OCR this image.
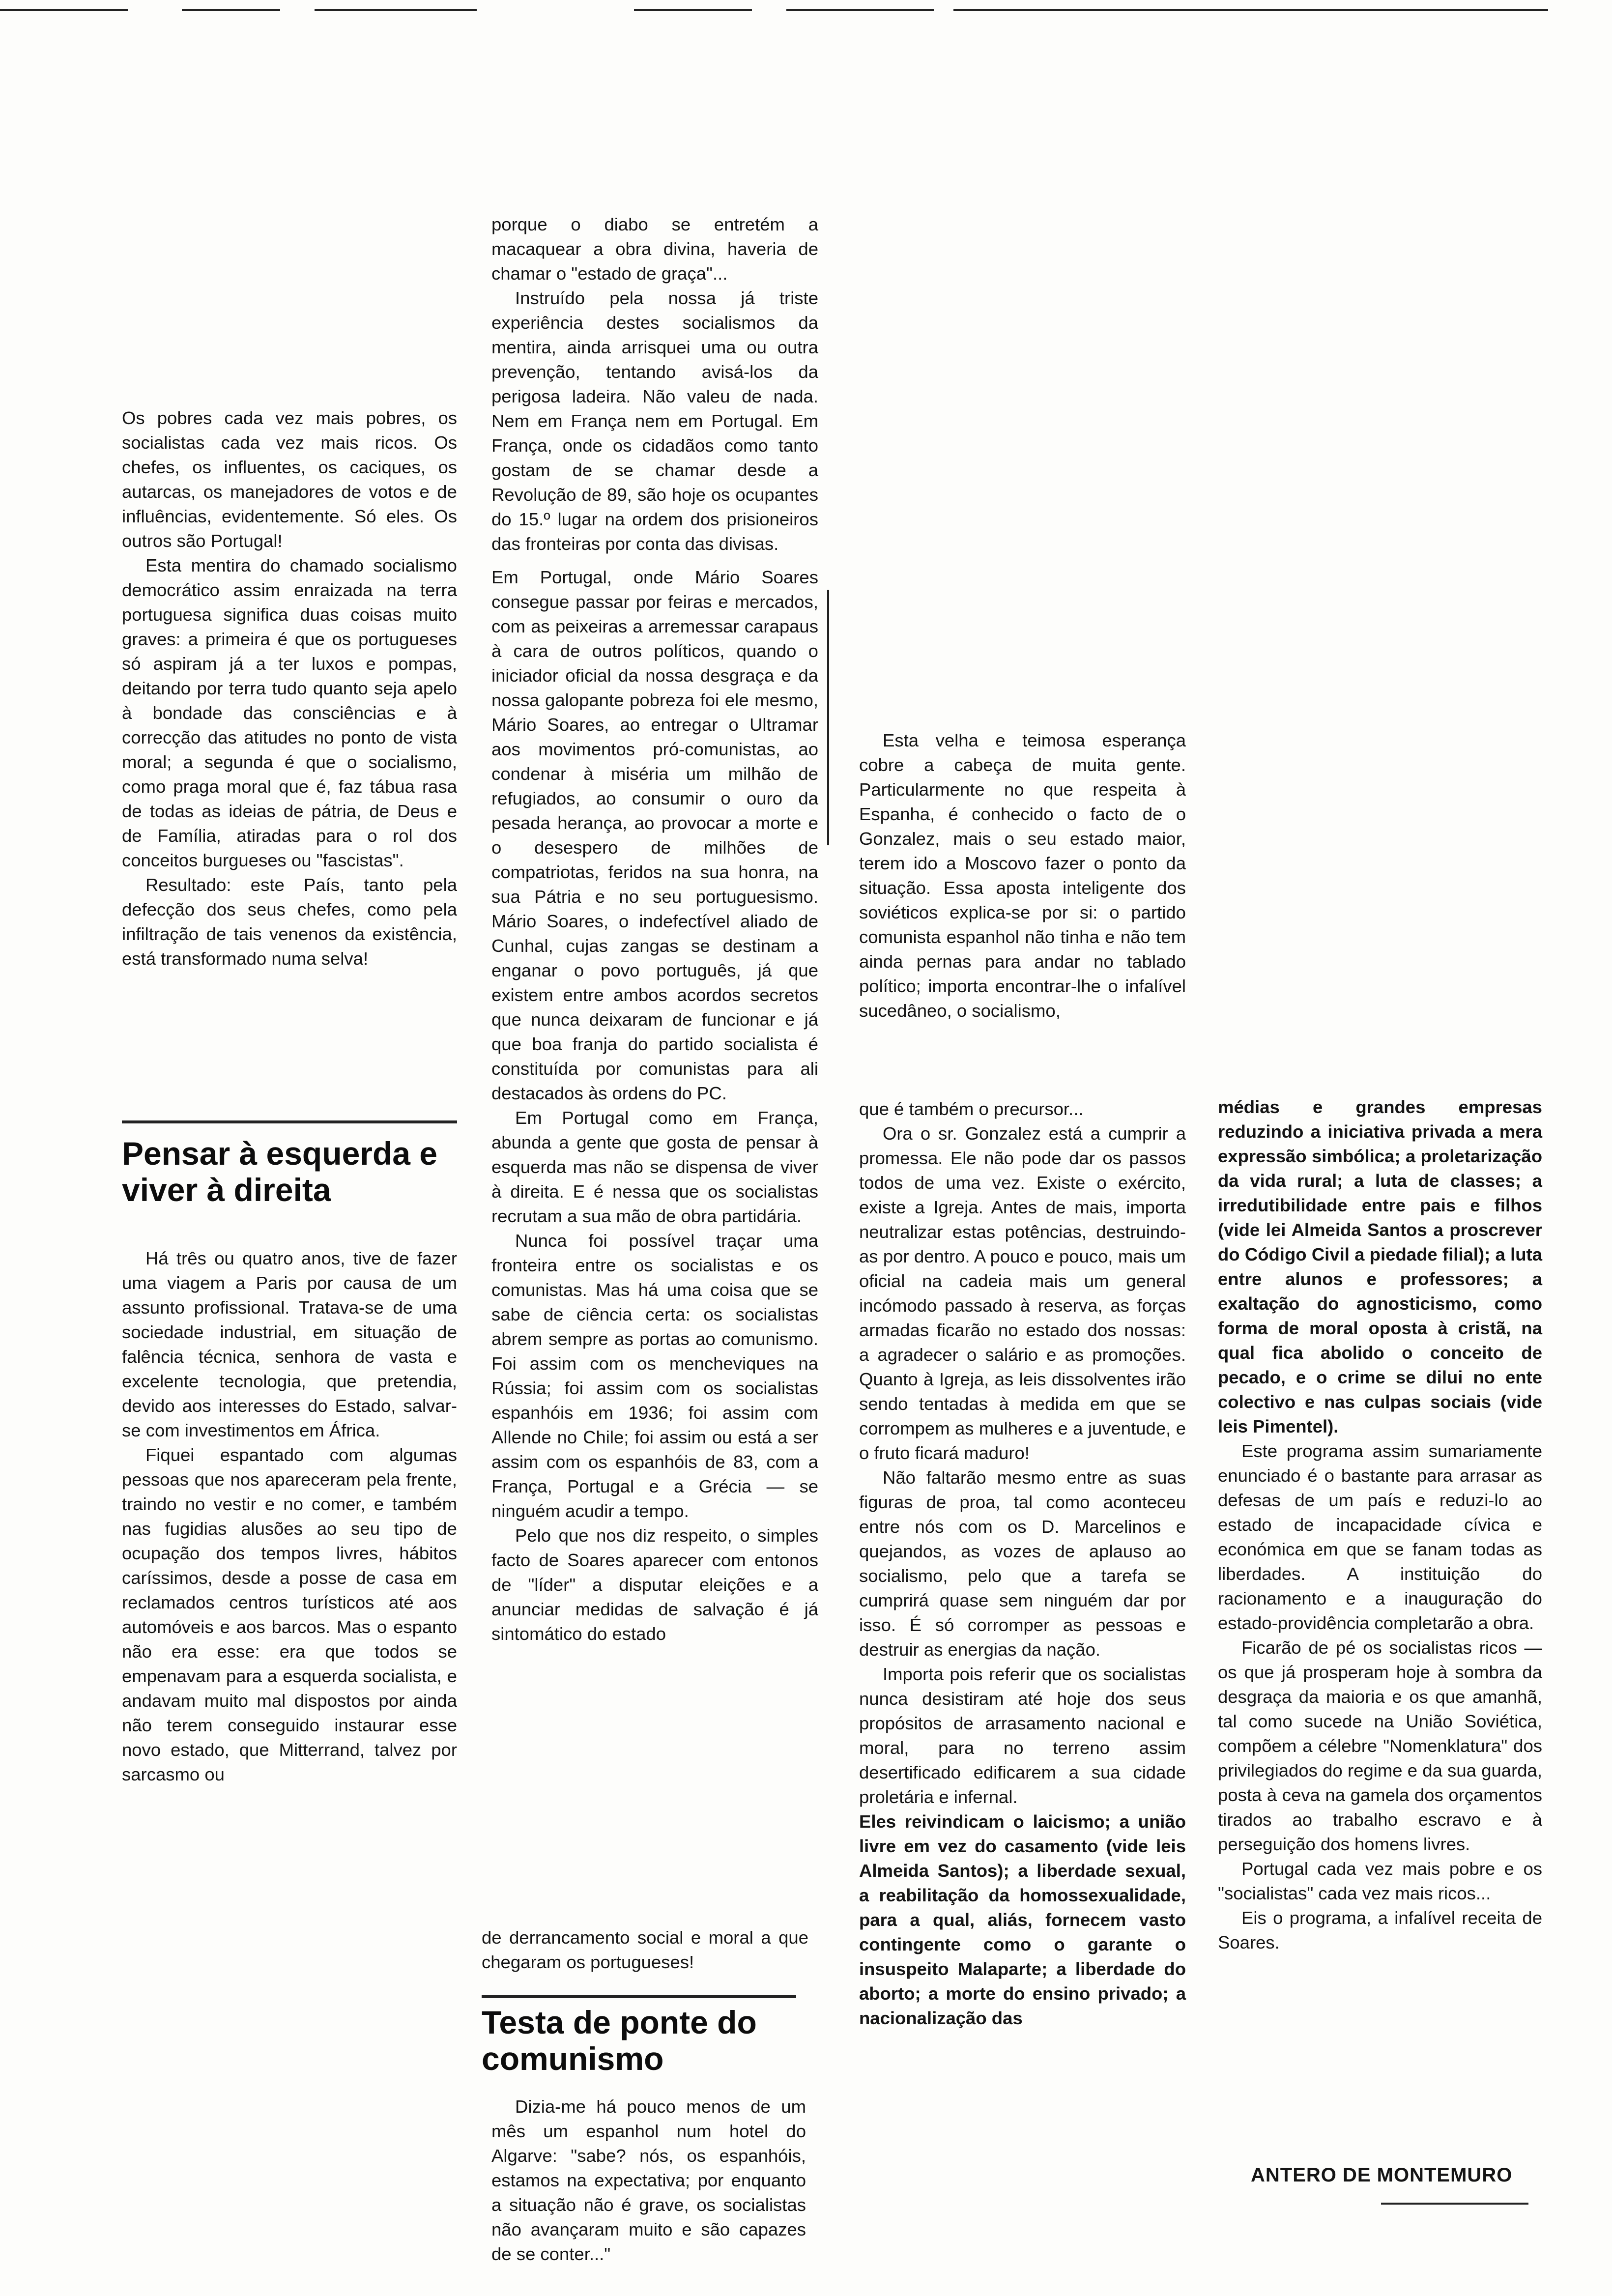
Os pobres cada vez mais pobres, os socialistas cada vez mais ricos. Os chefes, os influentes, os caciques, os autarcas, os manejadores de votos e de influências, evidentemente. Só eles. Os outros são Portugal!

Esta mentira do chamado socialismo democrático assim enraizada na terra portuguesa significa duas coisas muito graves: a primeira é que os portugueses só aspiram já a ter luxos e pompas, deitando por terra tudo quanto seja apelo à bondade das consciências e à correcção das atitudes no ponto de vista moral; a segunda é que o socialismo, como praga moral que é, faz tábua rasa de todas as ideias de pátria, de Deus e de Família, atiradas para o rol dos conceitos burgueses ou "fascistas".

Resultado: este País, tanto pela defecção dos seus chefes, como pela infiltração de tais venenos da existência, está transformado numa selva!

Pensar à esquerda e viver à direita

Há três ou quatro anos, tive de fazer uma viagem a Paris por causa de um assunto profissional. Tratava-se de uma sociedade industrial, em situação de falência técnica, senhora de vasta e excelente tecnologia, que pretendia, devido aos interesses do Estado, salvar-se com investimentos em África.

Fiquei espantado com algumas pessoas que nos apareceram pela frente, traindo no vestir e no comer, e também nas fugidias alusões ao seu tipo de ocupação dos tempos livres, hábitos caríssimos, desde a posse de casa em reclamados centros turísticos até aos automóveis e aos barcos. Mas o espanto não era esse: era que todos se empenavam para a esquerda socialista, e andavam muito mal dispostos por ainda não terem conseguido instaurar esse novo estado, que Mitterrand, talvez por sarcasmo ou

porque o diabo se entretém a macaquear a obra divina, haveria de chamar o "estado de graça"...

Instruído pela nossa já triste experiência destes socialismos da mentira, ainda arrisquei uma ou outra prevenção, tentando avisá-los da perigosa ladeira. Não valeu de nada. Nem em França nem em Portugal. Em França, onde os cidadãos como tanto gostam de se chamar desde a Revolução de 89, são hoje os ocupantes do 15.º lugar na ordem dos prisioneiros das fronteiras por conta das divisas.

Em Portugal, onde Mário Soares consegue passar por feiras e mercados, com as peixeiras a arremessar carapaus à cara de outros políticos, quando o iniciador oficial da nossa desgraça e da nossa galopante pobreza foi ele mesmo, Mário Soares, ao entregar o Ultramar aos movimentos pró-comunistas, ao condenar à miséria um milhão de refugiados, ao consumir o ouro da pesada herança, ao provocar a morte e o desespero de milhões de compatriotas, feridos na sua honra, na sua Pátria e no seu portuguesismo. Mário Soares, o indefectível aliado de Cunhal, cujas zangas se destinam a enganar o povo português, já que existem entre ambos acordos secretos que nunca deixaram de funcionar e já que boa franja do partido socialista é constituída por comunistas para ali destacados às ordens do PC.

Em Portugal como em França, abunda a gente que gosta de pensar à esquerda mas não se dispensa de viver à direita. E é nessa que os socialistas recrutam a sua mão de obra partidária.

Nunca foi possível traçar uma fronteira entre os socialistas e os comunistas. Mas há uma coisa que se sabe de ciência certa: os socialistas abrem sempre as portas ao comunismo. Foi assim com os mencheviques na Rússia; foi assim com os socialistas espanhóis em 1936; foi assim com Allende no Chile; foi assim ou está a ser assim com os espanhóis de 83, com a França, Portugal e a Grécia — se ninguém acudir a tempo.

Pelo que nos diz respeito, o simples facto de Soares aparecer com entonos de "líder" a disputar eleições e a anunciar medidas de salvação é já sintomático do estado

de derrancamento social e moral a que chegaram os portugueses!

Testa de ponte do comunismo

Dizia-me há pouco menos de um mês um espanhol num hotel do Algarve: "sabe? nós, os espanhóis, estamos na expectativa; por enquanto a situação não é grave, os socialistas não avançaram muito e são capazes de se conter..."

Esta velha e teimosa esperança cobre a cabeça de muita gente. Particularmente no que respeita à Espanha, é conhecido o facto de o Gonzalez, mais o seu estado maior, terem ido a Moscovo fazer o ponto da situação. Essa aposta inteligente dos soviéticos explica-se por si: o partido comunista espanhol não tinha e não tem ainda pernas para andar no tablado político; importa encontrar-lhe o infalível sucedâneo, o socialismo,

que é também o precursor...

Ora o sr. Gonzalez está a cumprir a promessa. Ele não pode dar os passos todos de uma vez. Existe o exército, existe a Igreja. Antes de mais, importa neutralizar estas potências, destruindo-as por dentro. A pouco e pouco, mais um oficial na cadeia mais um general incómodo passado à reserva, as forças armadas ficarão no estado dos nossas: a agradecer o salário e as promoções. Quanto à Igreja, as leis dissolventes irão sendo tentadas à medida em que se corrompem as mulheres e a juventude, e o fruto ficará maduro!

Não faltarão mesmo entre as suas figuras de proa, tal como aconteceu entre nós com os D. Marcelinos e quejandos, as vozes de aplauso ao socialismo, pelo que a tarefa se cumprirá quase sem ninguém dar por isso. É só corromper as pessoas e destruir as energias da nação.

Importa pois referir que os socialistas nunca desistiram até hoje dos seus propósitos de arrasamento nacional e moral, para no terreno assim desertificado edificarem a sua cidade proletária e infernal.

Eles reivindicam o laicismo; a união livre em vez do casamento (vide leis Almeida Santos); a liberdade sexual, a reabilitação da homossexualidade, para a qual, aliás, fornecem vasto contingente como o garante o insuspeito Malaparte; a liberdade do aborto; a morte do ensino privado; a nacionalização das

médias e grandes empresas reduzindo a iniciativa privada a mera expressão simbólica; a proletarização da vida rural; a luta de classes; a irredutibilidade entre pais e filhos (vide lei Almeida Santos a proscrever do Código Civil a piedade filial); a luta entre alunos e professores; a exaltação do agnosticismo, como forma de moral oposta à cristã, na qual fica abolido o conceito de pecado, e o crime se dilui no ente colectivo e nas culpas sociais (vide leis Pimentel).

Este programa assim sumariamente enunciado é o bastante para arrasar as defesas de um país e reduzi-lo ao estado de incapacidade cívica e económica em que se fanam todas as liberdades. A instituição do racionamento e a inauguração do estado-providência completarão a obra.

Ficarão de pé os socialistas ricos — os que já prosperam hoje à sombra da desgraça da maioria e os que amanhã, tal como sucede na União Soviética, compõem a célebre "Nomenklatura" dos privilegiados do regime e da sua guarda, posta à ceva na gamela dos orçamentos tirados ao trabalho escravo e à perseguição dos homens livres.

Portugal cada vez mais pobre e os "socialistas" cada vez mais ricos...

Eis o programa, a infalível receita de Soares.

ANTERO DE MONTEMURO
